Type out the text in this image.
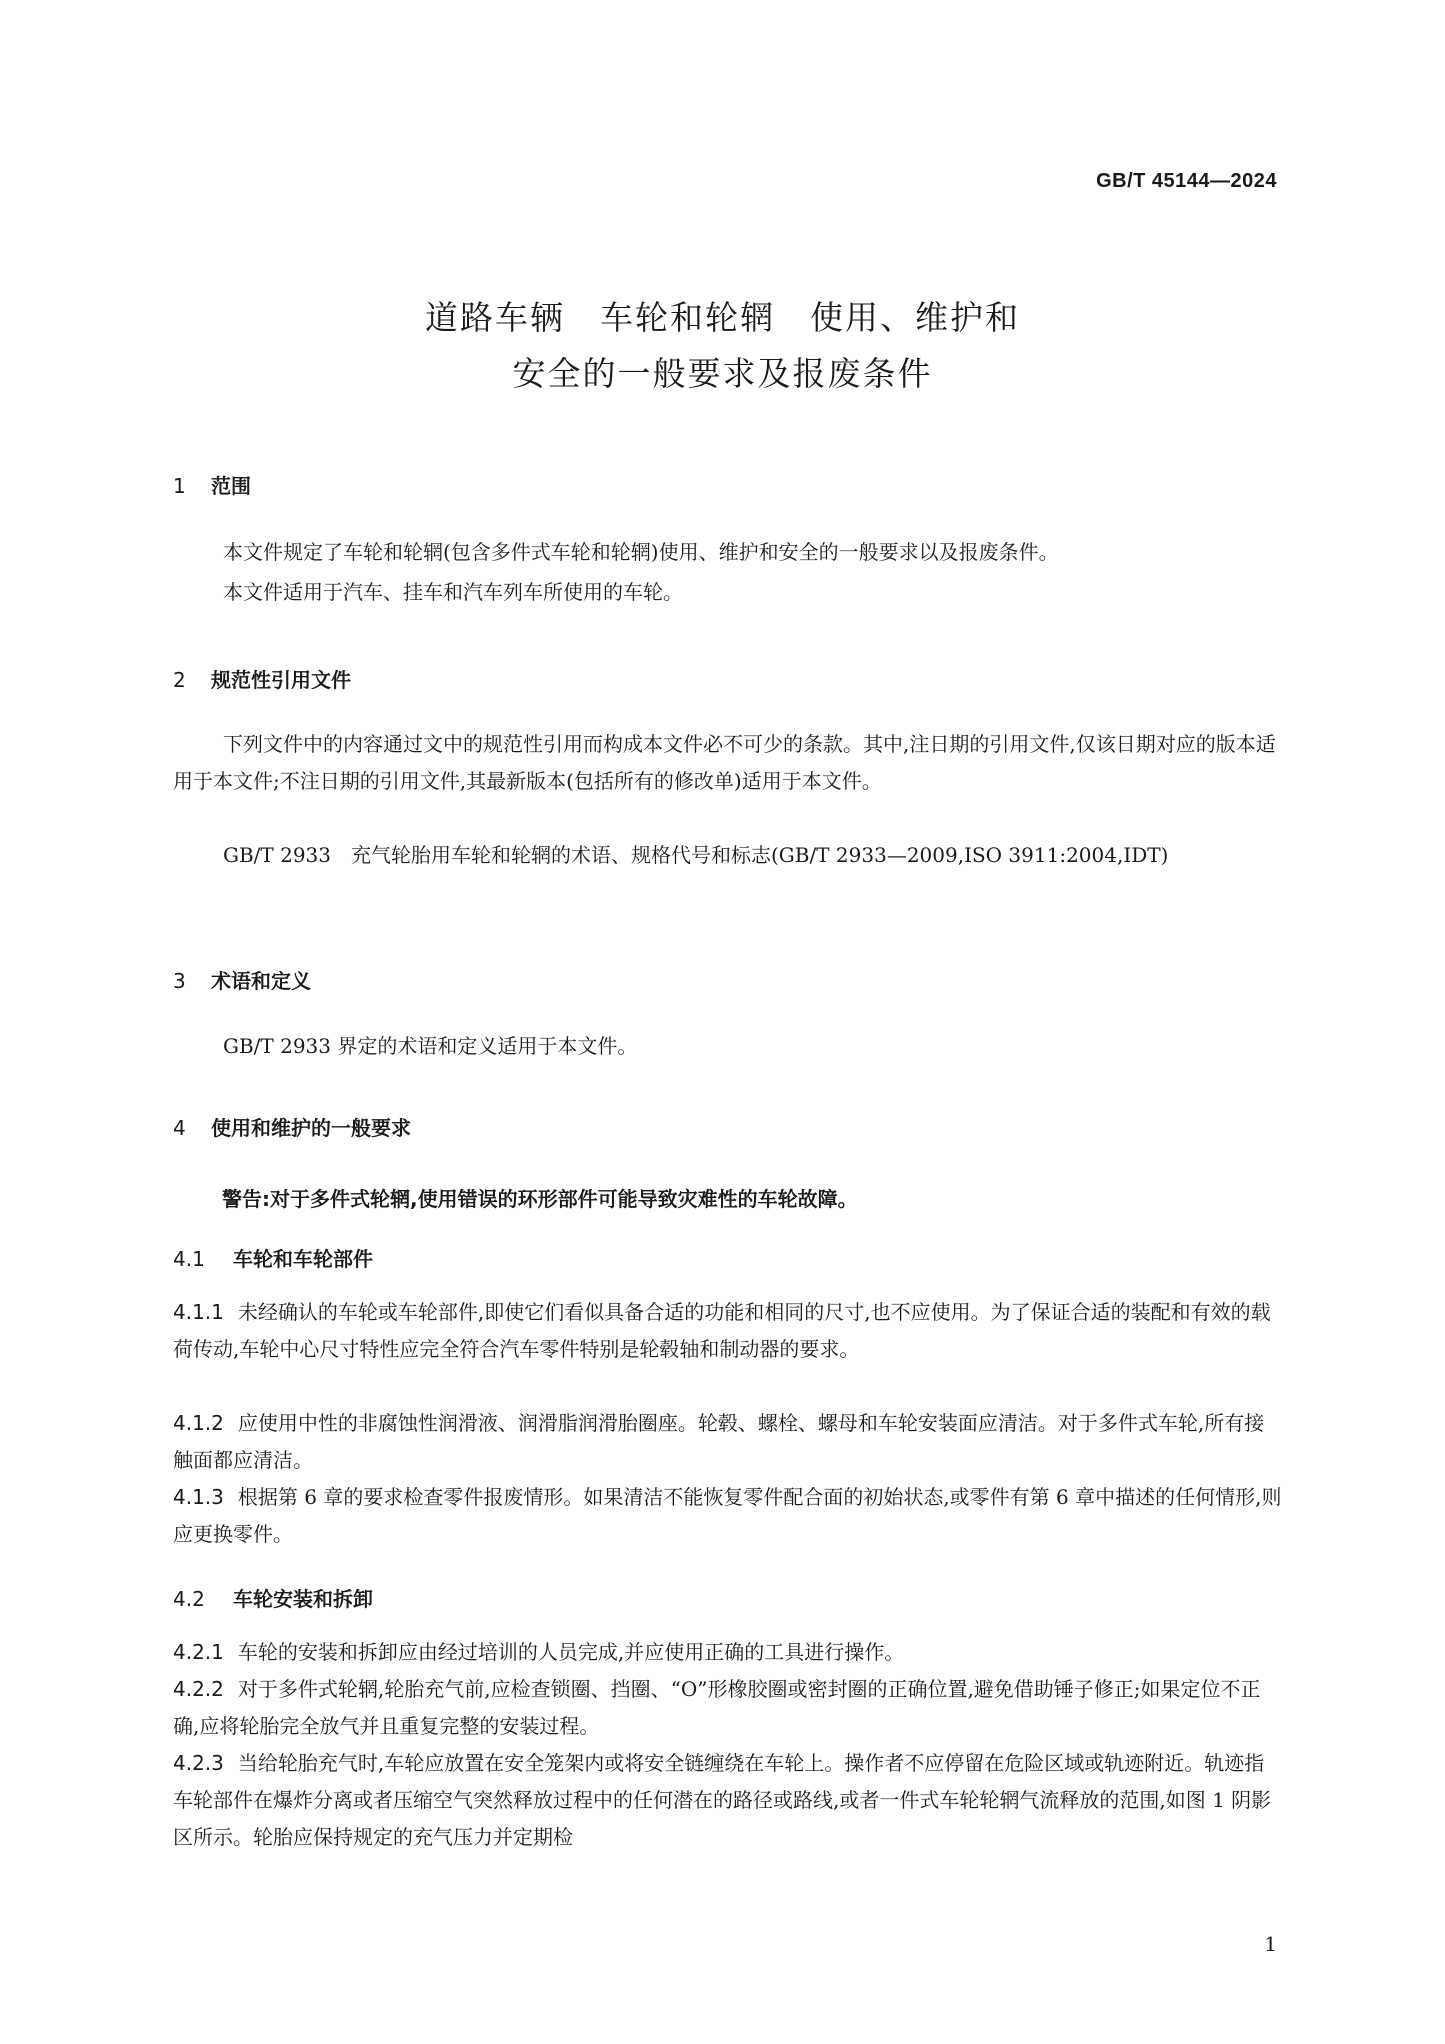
GB/T 45144—2024
道路车辆　车轮和轮辋　使用、维护和
安全的一般要求及报废条件
1 范围
本文件规定了车轮和轮辋(包含多件式车轮和轮辋)使用、维护和安全的一般要求以及报废条件。
本文件适用于汽车、挂车和汽车列车所使用的车轮。
2 规范性引用文件
下列文件中的内容通过文中的规范性引用而构成本文件必不可少的条款。其中,注日期的引用文件,仅该日期对应的版本适用于本文件;不注日期的引用文件,其最新版本(包括所有的修改单)适用于本文件。
GB/T 2933　充气轮胎用车轮和轮辋的术语、规格代号和标志(GB/T 2933—2009,ISO 3911:2004,IDT)
3 术语和定义
GB/T 2933 界定的术语和定义适用于本文件。
4 使用和维护的一般要求
警告:对于多件式轮辋,使用错误的环形部件可能导致灾难性的车轮故障。
4.1 车轮和车轮部件
4.1.1 未经确认的车轮或车轮部件,即使它们看似具备合适的功能和相同的尺寸,也不应使用。为了保证合适的装配和有效的载荷传动,车轮中心尺寸特性应完全符合汽车零件特别是轮毂轴和制动器的要求。
4.1.2 应使用中性的非腐蚀性润滑液、润滑脂润滑胎圈座。轮毂、螺栓、螺母和车轮安装面应清洁。对于多件式车轮,所有接触面都应清洁。
4.1.3 根据第 6 章的要求检查零件报废情形。如果清洁不能恢复零件配合面的初始状态,或零件有第 6 章中描述的任何情形,则应更换零件。
4.2 车轮安装和拆卸
4.2.1 车轮的安装和拆卸应由经过培训的人员完成,并应使用正确的工具进行操作。
4.2.2 对于多件式轮辋,轮胎充气前,应检查锁圈、挡圈、“O”形橡胶圈或密封圈的正确位置,避免借助锤子修正;如果定位不正确,应将轮胎完全放气并且重复完整的安装过程。
4.2.3 当给轮胎充气时,车轮应放置在安全笼架内或将安全链缠绕在车轮上。操作者不应停留在危险区域或轨迹附近。轨迹指车轮部件在爆炸分离或者压缩空气突然释放过程中的任何潜在的路径或路线,或者一件式车轮轮辋气流释放的范围,如图 1 阴影区所示。轮胎应保持规定的充气压力并定期检
1
